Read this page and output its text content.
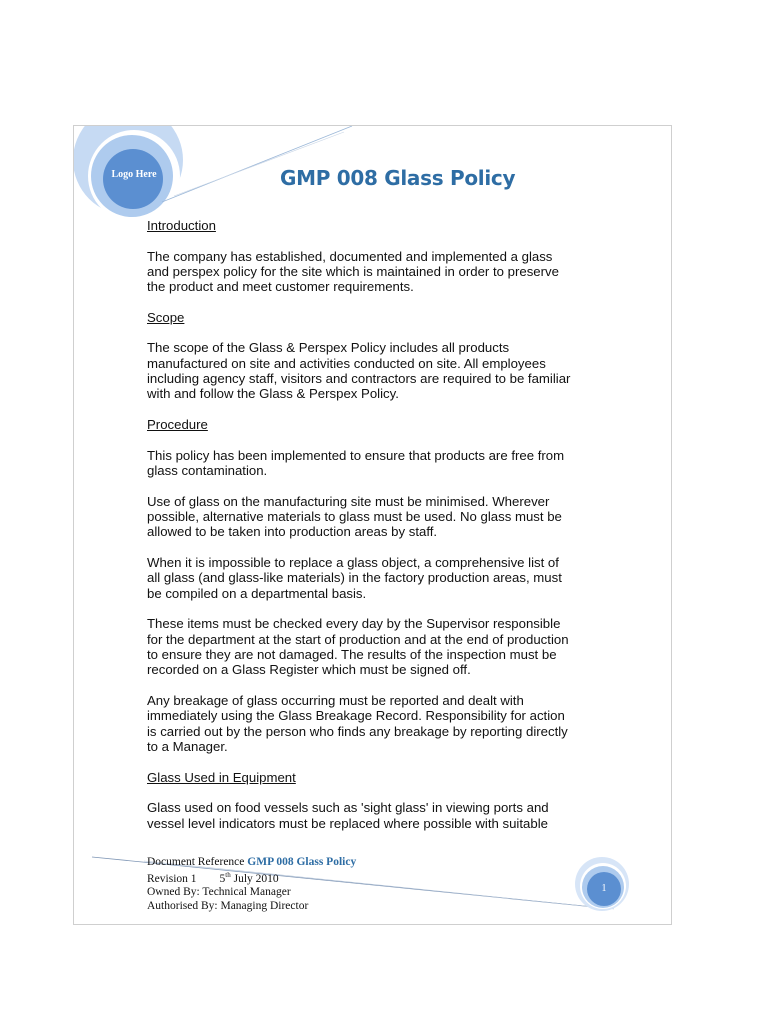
Logo Here	GMP 008 Glass Policy
Introduction

The company has established, documented and implemented a glass
and perspex policy for the site which is maintained in order to preserve
the product and meet customer requirements.

Scope

The scope of the Glass & Perspex Policy includes all products
manufactured on site and activities conducted on site. All employees
including agency staff, visitors and contractors are required to be familiar
with and follow the Glass & Perspex Policy.

Procedure

This policy has been implemented to ensure that products are free from
glass contamination.

Use of glass on the manufacturing site must be minimised. Wherever
possible, alternative materials to glass must be used. No glass must be
allowed to be taken into production areas by staff.

When it is impossible to replace a glass object, a comprehensive list of
all glass (and glass-like materials) in the factory production areas, must
be compiled on a departmental basis.

These items must be checked every day by the Supervisor responsible
for the department at the start of production and at the end of production
to ensure they are not damaged. The results of the inspection must be
recorded on a Glass Register which must be signed off.

Any breakage of glass occurring must be reported and dealt with
immediately using the Glass Breakage Record. Responsibility for action
is carried out by the person who finds any breakage by reporting directly
to a Manager.

Glass Used in Equipment

Glass used on food vessels such as 'sight glass' in viewing ports and
vessel level indicators must be replaced where possible with suitable

Document Reference GMP 008 Glass Policy
Revision 1 5th July 2010
Owned By: Technical Manager
Authorised By: Managing Director
1
